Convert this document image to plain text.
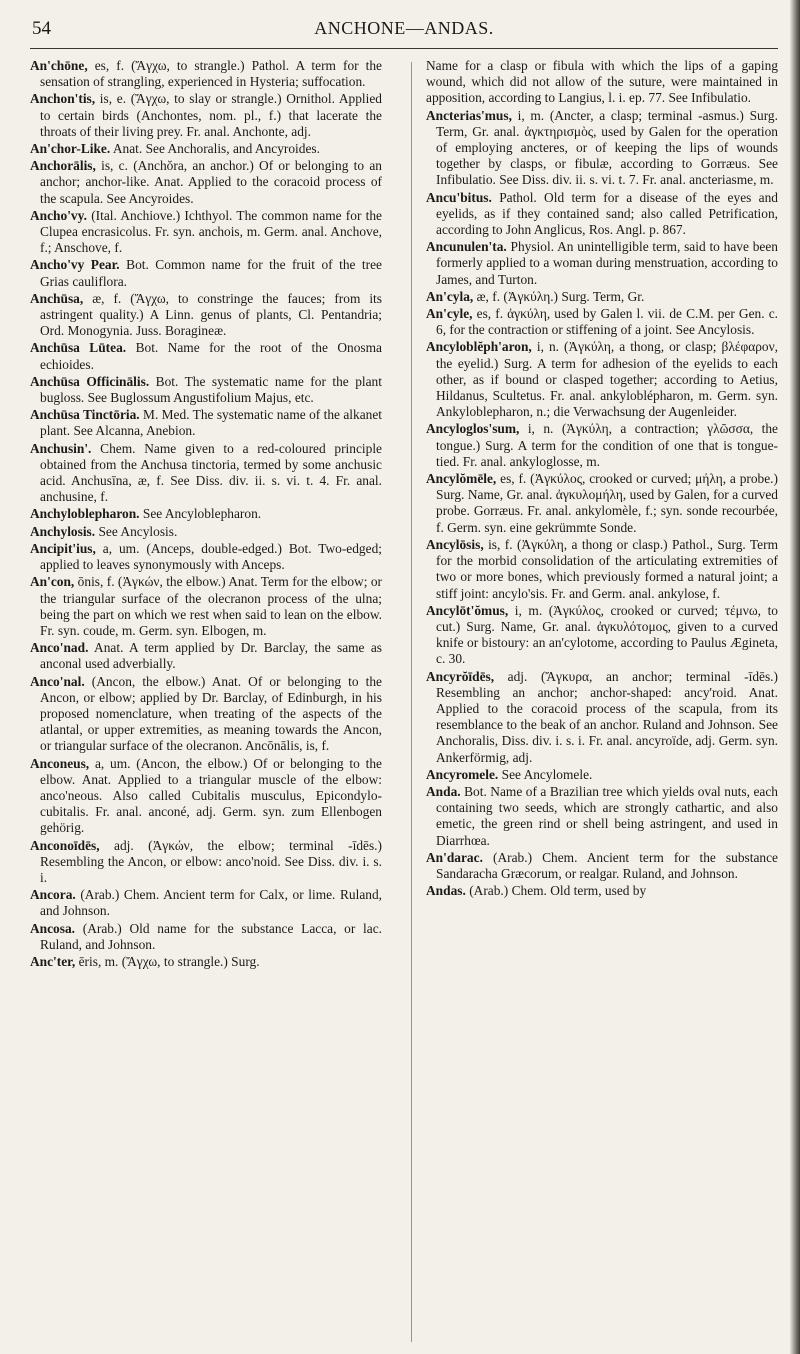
54	ANCHONE—ANDAS.

An'chōne, es, f. (Ἄγχω, to strangle.) Pathol. A term for the sensation of strangling, experienced in Hysteria; suffocation.

Anchon'tis, is, e. (Ἄγχω, to slay or strangle.) Ornithol. Applied to certain birds (Anchontes, nom. pl., f.) that lacerate the throats of their living prey. Fr. anal. Anchonte, adj.

An'chor-Like. Anat. See Anchoralis, and Ancyroides.

Anchorālis, is, c. (Anchŏra, an anchor.) Of or belonging to an anchor; anchor-like. Anat. Applied to the coracoid process of the scapula. See Ancyroides.

Ancho'vy. (Ital. Anchiove.) Ichthyol. The common name for the Clupea encrasicolus. Fr. syn. anchois, m. Germ. anal. Anchove, f.; Anschove, f.

Ancho'vy Pear. Bot. Common name for the fruit of the tree Grias cauliflora.

Anchūsa, æ, f. (Ἄγχω, to constringe the fauces; from its astringent quality.) A Linn. genus of plants, Cl. Pentandria; Ord. Monogynia. Juss. Boragineæ.

Anchūsa Lūtea. Bot. Name for the root of the Onosma echioides.

Anchūsa Officinālis. Bot. The systematic name for the plant bugloss. See Buglossum Angustifolium Majus, etc.

Anchūsa Tinctōria. M. Med. The systematic name of the alkanet plant. See Alcanna, Anebion.

Anchusin'. Chem. Name given to a red-coloured principle obtained from the Anchusa tinctoria, termed by some anchusic acid. Anchusīna, æ, f. See Diss. div. ii. s. vi. t. 4. Fr. anal. anchusine, f.

Anchyloblepharon. See Ancyloblepharon.

Anchylosis. See Ancylosis.

Ancipit'ius, a, um. (Anceps, double-edged.) Bot. Two-edged; applied to leaves synonymously with Anceps.

An'con, ōnis, f. (Ἀγκών, the elbow.) Anat. Term for the elbow; or the triangular surface of the olecranon process of the ulna; being the part on which we rest when said to lean on the elbow. Fr. syn. coude, m. Germ. syn. Elbogen, m.

Anco'nad. Anat. A term applied by Dr. Barclay, the same as anconal used adverbially.

Anco'nal. (Ancon, the elbow.) Anat. Of or belonging to the Ancon, or elbow; applied by Dr. Barclay, of Edinburgh, in his proposed nomenclature, when treating of the aspects of the atlantal, or upper extremities, as meaning towards the Ancon, or triangular surface of the olecranon. Ancōnālis, is, f.

Anconeus, a, um. (Ancon, the elbow.) Of or belonging to the elbow. Anat. Applied to a triangular muscle of the elbow: anco'neous. Also called Cubitalis musculus, Epicondylo-cubitalis. Fr. anal. anconé, adj. Germ. syn. zum Ellenbogen gehörig.

Anconoīdēs, adj. (Ἀγκών, the elbow; terminal -īdēs.) Resembling the Ancon, or elbow: anco'noid. See Diss. div. i. s. i.

Ancora. (Arab.) Chem. Ancient term for Calx, or lime. Ruland, and Johnson.

Ancosa. (Arab.) Old name for the substance Lacca, or lac. Ruland, and Johnson.

Anc'ter, ēris, m. (Ἄγχω, to strangle.) Surg.

Name for a clasp or fibula with which the lips of a gaping wound, which did not allow of the suture, were maintained in apposition, according to Langius, l. i. ep. 77. See Infibulatio.

Ancterias'mus, i, m. (Ancter, a clasp; terminal -asmus.) Surg. Term, Gr. anal. ἀγκτηρισμὸς, used by Galen for the operation of employing ancteres, or of keeping the lips of wounds together by clasps, or fibulæ, according to Gorræus. See Infibulatio. See Diss. div. ii. s. vi. t. 7. Fr. anal. ancteriasme, m.

Ancu'bitus. Pathol. Old term for a disease of the eyes and eyelids, as if they contained sand; also called Petrification, according to John Anglicus, Ros. Angl. p. 867.

Ancunulen'ta. Physiol. An unintelligible term, said to have been formerly applied to a woman during menstruation, according to James, and Turton.

An'cyla, æ, f. (Ἀγκύλη.) Surg. Term, Gr.

An'cyle, es, f. ἀγκύλη, used by Galen l. vii. de C.M. per Gen. c. 6, for the contraction or stiffening of a joint. See Ancylosis.

Ancyloblĕph'aron, i, n. (Ἀγκύλη, a thong, or clasp; βλέφαρον, the eyelid.) Surg. A term for adhesion of the eyelids to each other, as if bound or clasped together; according to Aetius, Hildanus, Scultetus. Fr. anal. ankyloblépharon, m. Germ. syn. Ankyloblepharon, n.; die Verwachsung der Augenleider.

Ancyloglos'sum, i, n. (Ἀγκύλη, a contraction; γλῶσσα, the tongue.) Surg. A term for the condition of one that is tongue-tied. Fr. anal. ankyloglosse, m.

Ancylŏmēle, es, f. (Ἀγκύλος, crooked or curved; μήλη, a probe.) Surg. Name, Gr. anal. ἀγκυλομήλη, used by Galen, for a curved probe. Gorræus. Fr. anal. ankylomèle, f.; syn. sonde recourbée, f. Germ. syn. eine gekrümmte Sonde.

Ancylōsis, is, f. (Ἀγκύλη, a thong or clasp.) Pathol., Surg. Term for the morbid consolidation of the articulating extremities of two or more bones, which previously formed a natural joint; a stiff joint: ancylo'sis. Fr. and Germ. anal. ankylose, f.

Ancylōt'ŏmus, i, m. (Ἀγκύλος, crooked or curved; τέμνω, to cut.) Surg. Name, Gr. anal. ἀγκυλότομος, given to a curved knife or bistoury: an an'cylotome, according to Paulus Ægineta, c. 30.

Ancyrŏīdēs, adj. (Ἄγκυρα, an anchor; terminal -īdēs.) Resembling an anchor; anchor-shaped: ancy'roid. Anat. Applied to the coracoid process of the scapula, from its resemblance to the beak of an anchor. Ruland and Johnson. See Anchoralis, Diss. div. i. s. i. Fr. anal. ancyroïde, adj. Germ. syn. Ankerförmig, adj.

Ancyromele. See Ancylomele.

Anda. Bot. Name of a Brazilian tree which yields oval nuts, each containing two seeds, which are strongly cathartic, and also emetic, the green rind or shell being astringent, and used in Diarrhœa.

An'darac. (Arab.) Chem. Ancient term for the substance Sandaracha Græcorum, or realgar. Ruland, and Johnson.

Andas. (Arab.) Chem. Old term, used by
